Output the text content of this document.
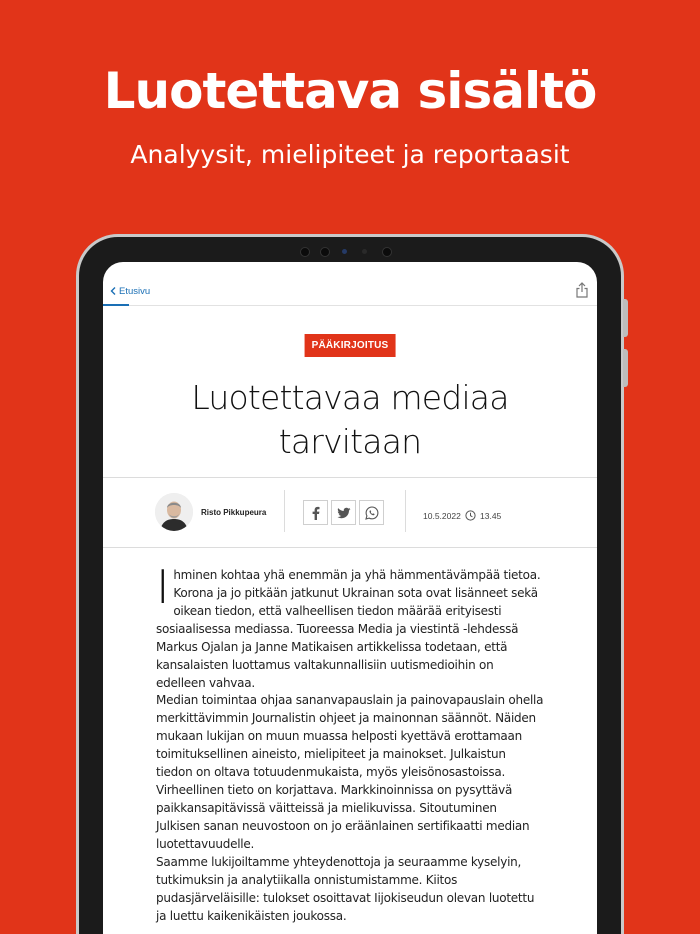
Luotettava sisältö
Analyysit, mielipiteet ja reportaasit
Etusivu
PÄÄKIRJOITUS
Luotettavaa mediaa tarvitaan
Risto Pikkupeura	10.5.2022 13.45

Ihminen kohtaa yhä enemmän ja yhä hämmentävämpää tietoa. Korona ja jo pitkään jatkunut Ukrainan sota ovat lisänneet sekä oikean tiedon, että valheellisen tiedon määrää erityisesti sosiaalisessa mediassa. Tuoreessa Media ja viestintä -lehdessä Markus Ojalan ja Janne Matikaisen artikkelissa todetaan, että kansalaisten luottamus valtakunnallisiin uutismedioihin on edelleen vahvaa.

Median toimintaa ohjaa sananvapauslain ja painovapauslain ohella merkittävimmin Journalistin ohjeet ja mainonnan säännöt. Näiden mukaan lukijan on muun muassa helposti kyettävä erottamaan toimituksellinen aineisto, mielipiteet ja mainokset. Julkaistun tiedon on oltava totuudenmukaista, myös yleisönosastoissa. Virheellinen tieto on korjattava. Markkinoinnissa on pysyttävä paikkansapitävissä väitteissä ja mielikuvissa. Sitoutuminen Julkisen sanan neuvostoon on jo eräänlainen sertifikaatti median luotettavuudelle.

Saamme lukijoiltamme yhteydenottoja ja seuraamme kyselyin, tutkimuksin ja analytiikalla onnistumistamme. Kiitos pudasjärveläisille: tulokset osoittavat Iijokiseudun olevan luotettu ja luettu kaikenikäisten joukossa.
